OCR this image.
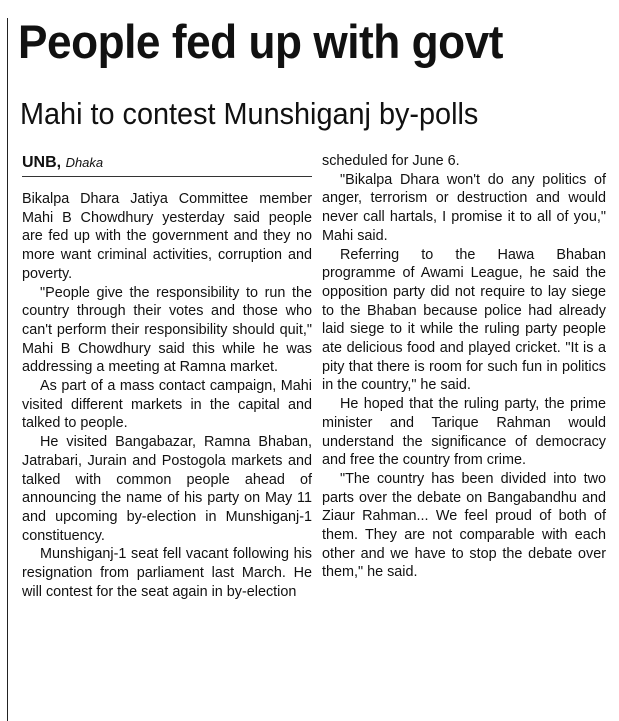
People fed up with govt
Mahi to contest Munshiganj by-polls
UNB, Dhaka

Bikalpa Dhara Jatiya Committee member Mahi B Chowdhury yesterday said people are fed up with the government and they no more want criminal activities, corruption and poverty.

"People give the responsibility to run the country through their votes and those who can't perform their responsibility should quit," Mahi B Chowdhury said this while he was addressing a meeting at Ramna market.

As part of a mass contact campaign, Mahi visited different markets in the capital and talked to people.

He visited Bangabazar, Ramna Bhaban, Jatrabari, Jurain and Postogola markets and talked with common people ahead of announcing the name of his party on May 11 and upcoming by-election in Munshiganj-1 constituency.

Munshiganj-1 seat fell vacant following his resignation from parliament last March. He will contest for the seat again in by-election

scheduled for June 6.

"Bikalpa Dhara won't do any politics of anger, terrorism or destruction and would never call hartals, I promise it to all of you," Mahi said.

Referring to the Hawa Bhaban programme of Awami League, he said the opposition party did not require to lay siege to the Bhaban because police had already laid siege to it while the ruling party people ate delicious food and played cricket. "It is a pity that there is room for such fun in politics in the country," he said.

He hoped that the ruling party, the prime minister and Tarique Rahman would understand the significance of democracy and free the country from crime.

"The country has been divided into two parts over the debate on Bangabandhu and Ziaur Rahman... We feel proud of both of them. They are not comparable with each other and we have to stop the debate over them," he said.
